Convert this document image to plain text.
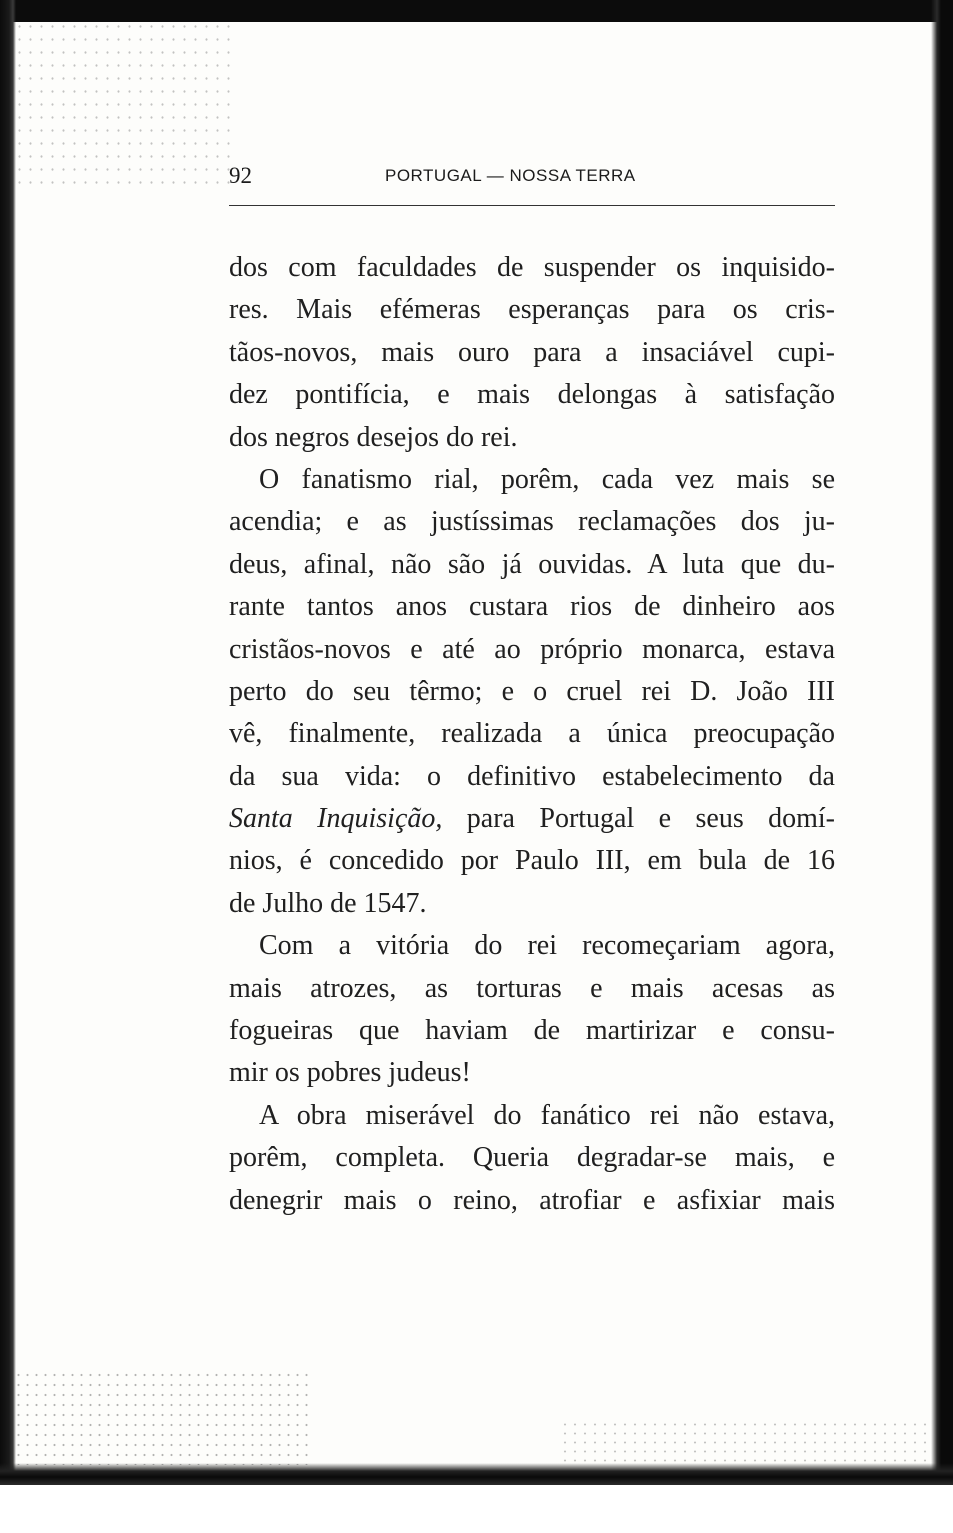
92	PORTUGAL — NOSSA TERRA
dos com faculdades de suspender os inquisido-
res. Mais efémeras esperanças para os cris-
tãos-novos, mais ouro para a insaciável cupi-
dez pontifícia, e mais delongas à satisfação
dos negros desejos do rei.
O fanatismo rial, porêm, cada vez mais se
acendia; e as justíssimas reclamações dos ju-
deus, afinal, não são já ouvidas. A luta que du-
rante tantos anos custara rios de dinheiro aos
cristãos-novos e até ao próprio monarca, estava
perto do seu têrmo; e o cruel rei D. João III
vê, finalmente, realizada a única preocupação
da sua vida: o definitivo estabelecimento da
Santa Inquisição, para Portugal e seus domí-
nios, é concedido por Paulo III, em bula de 16
de Julho de 1547.
Com a vitória do rei recomeçariam agora,
mais atrozes, as torturas e mais acesas as
fogueiras que haviam de martirizar e consu-
mir os pobres judeus!
A obra miserável do fanático rei não estava,
porêm, completa. Queria degradar-se mais, e
denegrir mais o reino, atrofiar e asfixiar mais
